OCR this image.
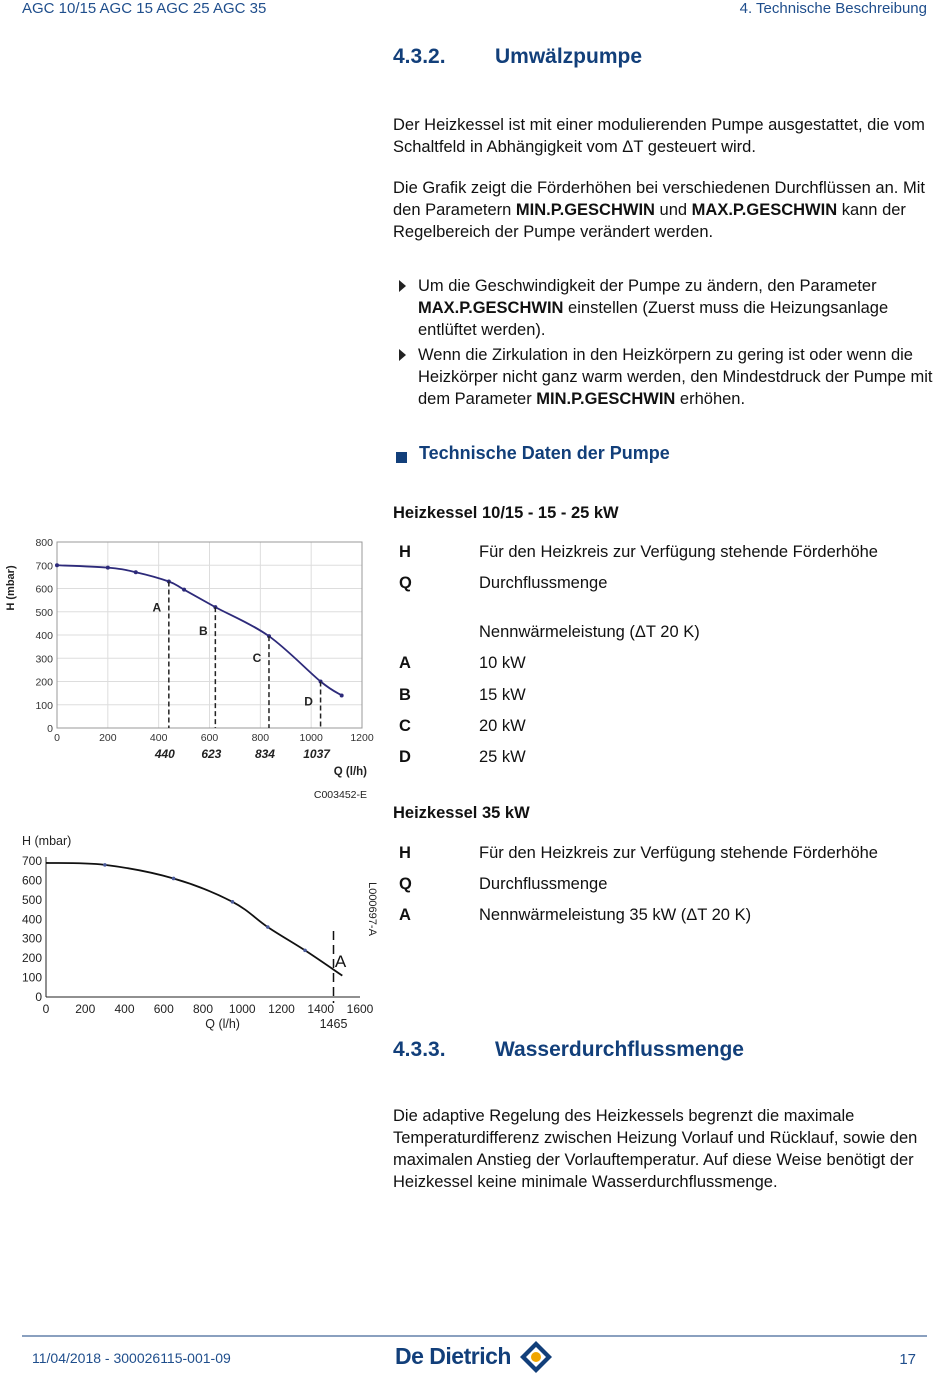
AGC 10/15 AGC 15 AGC 25 AGC 35	4. Technische Beschreibung
4.3.2. Umwälzpumpe
Der Heizkessel ist mit einer modulierenden Pumpe ausgestattet, die vom Schaltfeld in Abhängigkeit vom ΔT gesteuert wird.
Die Grafik zeigt die Förderhöhen bei verschiedenen Durchflüssen an. Mit den Parametern MIN.P.GESCHWIN und MAX.P.GESCHWIN kann der Regelbereich der Pumpe verändert werden.
Um die Geschwindigkeit der Pumpe zu ändern, den Parameter MAX.P.GESCHWIN einstellen (Zuerst muss die Heizungsanlage entlüftet werden).
Wenn die Zirkulation in den Heizkörpern zu gering ist oder wenn die Heizkörper nicht ganz warm werden, den Mindestdruck der Pumpe mit dem Parameter MIN.P.GESCHWIN erhöhen.
Technische Daten der Pumpe
Heizkessel 10/15 - 15 - 25 kW
H	Für den Heizkreis zur Verfügung stehende Förderhöhe
Q	Durchflussmenge
Nennwärmeleistung (ΔT 20 K)
A	10 kW
B	15 kW
C	20 kW
D	25 kW
Heizkessel 35 kW
H	Für den Heizkreis zur Verfügung stehende Förderhöhe
Q	Durchflussmenge
A	Nennwärmeleistung 35 kW (ΔT 20 K)
0	200	400	600	800	1000	1200
0
100
200
300
400
500
600
700
800
H (mbar)
Q (l/h)
C003452-E
A
440
B
623
C
834
D
1037
0 200 400 600 800 1000 1200 1400 1600
0
100
200
300
400
500
600
700
H (mbar)
Q (l/h)
L000697-A
A
1465
4.3.3. Wasserdurchflussmenge
Die adaptive Regelung des Heizkessels begrenzt die maximale Temperaturdifferenz zwischen Heizung Vorlauf und Rücklauf, sowie den maximalen Anstieg der Vorlauftemperatur. Auf diese Weise benötigt der Heizkessel keine minimale Wasserdurchflussmenge.
11/04/2018 - 300026115-001-09	De Dietrich	17
